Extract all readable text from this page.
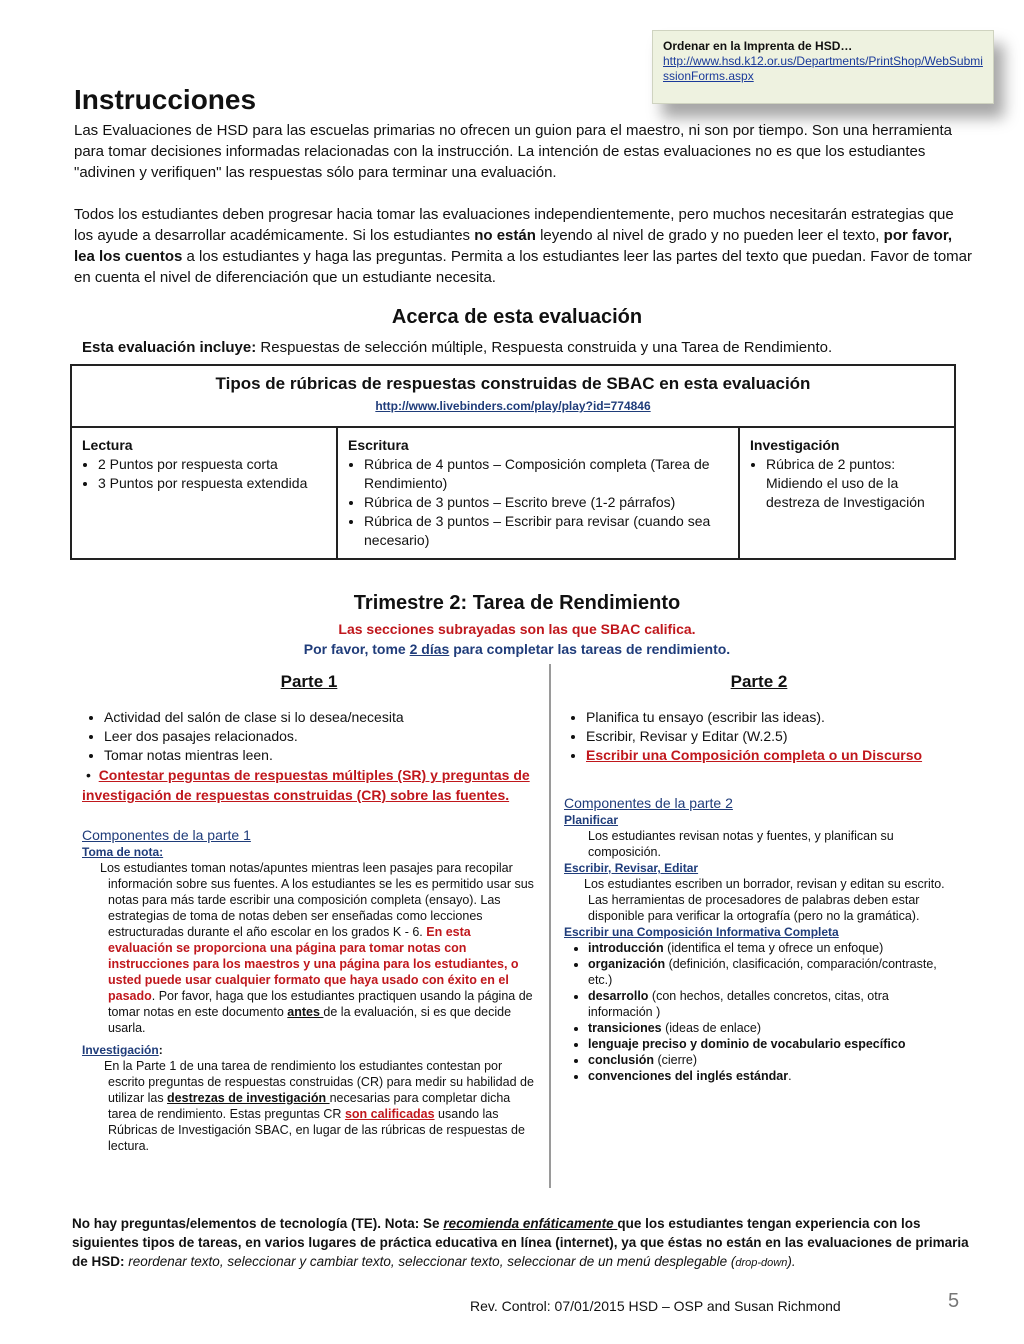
Ordenar en la Imprenta de HSD…
http://www.hsd.k12.or.us/Departments/PrintShop/WebSubmissionForms.aspx
Instrucciones
Las Evaluaciones de HSD para las escuelas primarias no ofrecen un guion para el maestro, ni son por tiempo. Son una herramienta para tomar decisiones informadas relacionadas con la instrucción. La intención de estas evaluaciones no es que los estudiantes "adivinen y verifiquen" las respuestas sólo para terminar una evaluación.
Todos los estudiantes deben progresar hacia tomar las evaluaciones independientemente, pero muchos necesitarán estrategias que los ayude a desarrollar académicamente. Si los estudiantes no están leyendo al nivel de grado y no pueden leer el texto, por favor, lea los cuentos a los estudiantes y haga las preguntas. Permita a los estudiantes leer las partes del texto que puedan. Favor de tomar en cuenta el nivel de diferenciación que un estudiante necesita.
Acerca de esta evaluación
Esta evaluación incluye: Respuestas de selección múltiple, Respuesta construida y una Tarea de Rendimiento.
Tipos de rúbricas de respuestas construidas de SBAC en esta evaluación
http://www.livebinders.com/play/play?id=774846
Lectura
• 2 Puntos por respuesta corta
• 3 Puntos por respuesta extendida
	Escritura
• Rúbrica de 4 puntos – Composición completa (Tarea de Rendimiento)
• Rúbrica de 3 puntos – Escrito breve (1-2 párrafos)
• Rúbrica de 3 puntos – Escribir para revisar (cuando sea necesario)
	Investigación
• Rúbrica de 2 puntos: Midiendo el uso de la destreza de Investigación
Trimestre 2: Tarea de Rendimiento
Las secciones subrayadas son las que SBAC califica.
Por favor, tome 2 días para completar las tareas de rendimiento.
Parte 1
• Actividad del salón de clase si lo desea/necesita
• Leer dos pasajes relacionados.
• Tomar notas mientras leen.
•  Contestar peguntas de respuestas múltiples (SR) y preguntas de investigación de respuestas construidas (CR) sobre las fuentes.
Componentes de la parte 1
Toma de nota:
Los estudiantes toman notas/apuntes mientras leen pasajes para recopilar información sobre sus fuentes. A los estudiantes se les es permitido usar sus notas para más tarde escribir una composición completa (ensayo). Las estrategias de toma de notas deben ser enseñadas como lecciones estructuradas durante el año escolar en los grados K - 6. En esta evaluación se proporciona una página para tomar notas con instrucciones para los maestros y una página para los estudiantes, o usted puede usar cualquier formato que haya usado con éxito en el pasado. Por favor, haga que los estudiantes practiquen usando la página de tomar notas en este documento antes de la evaluación, si es que decide usarla.
Investigación:
En la Parte 1 de una tarea de rendimiento los estudiantes contestan por escrito preguntas de respuestas construidas (CR) para medir su habilidad de utilizar las destrezas de investigación necesarias para completar dicha tarea de rendimiento. Estas preguntas CR son calificadas usando las Rúbricas de Investigación SBAC, en lugar de las rúbricas de respuestas de lectura.
Parte 2
• Planifica tu ensayo (escribir las ideas).
• Escribir, Revisar y Editar (W.2.5)
• Escribir una Composición completa o un Discurso
Componentes de la parte 2
Planificar
Los estudiantes revisan notas y fuentes, y planifican su composición.
Escribir, Revisar, Editar
Los estudiantes escriben un borrador, revisan y editan su escrito.
Las herramientas de procesadores de palabras deben estar disponible para verificar la ortografía (pero no la gramática).
Escribir una Composición Informativa Completa
• introducción (identifica el tema y ofrece un enfoque)
• organización (definición, clasificación, comparación/contraste, etc.)
• desarrollo (con hechos, detalles concretos, citas, otra información )
• transiciones (ideas de enlace)
• lenguaje preciso y dominio de vocabulario específico
• conclusión (cierre)
• convenciones del inglés estándar.
No hay preguntas/elementos de tecnología (TE). Nota: Se recomienda enfáticamente que los estudiantes tengan experiencia con los siguientes tipos de tareas, en varios lugares de práctica educativa en línea (internet), ya que éstas no están en las evaluaciones de primaria de HSD: reordenar texto, seleccionar y cambiar texto, seleccionar texto, seleccionar de un menú desplegable (drop-down).
Rev. Control: 07/01/2015 HSD – OSP and Susan Richmond	5
